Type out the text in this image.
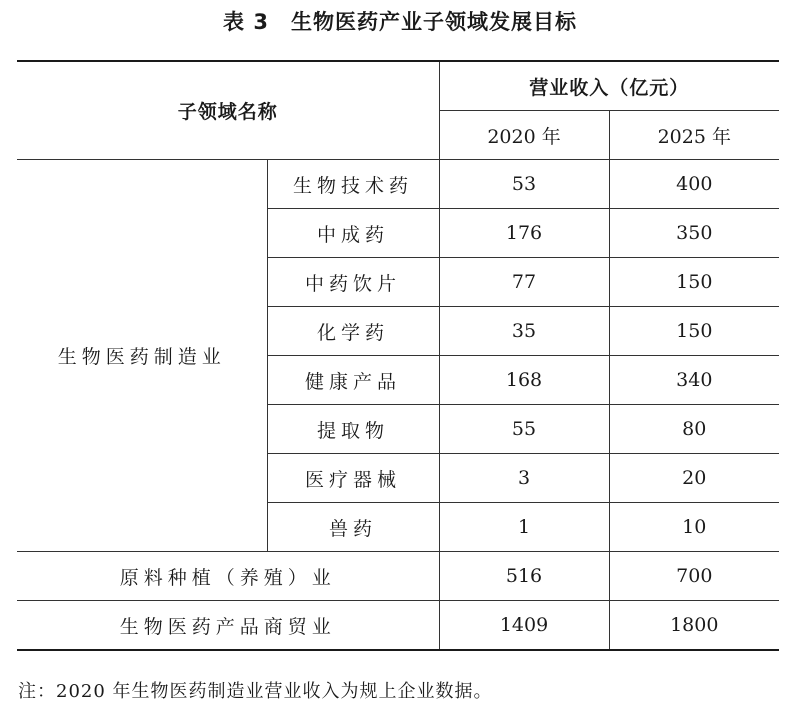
表 3　生物医药产业子领域发展目标
子领域名称		营业收入（亿元）	
		2020 年	2025 年
生物医药制造业	生物技术药	53	400
	中成药	176	350
	中药饮片	77	150
	化学药	35	150
	健康产品	168	340
	提取物	55	80
	医疗器械	3	20
	兽药	1	10
原料种植（养殖）业		516	700
生物医药产品商贸业		1409	1800
注：2020 年生物医药制造业营业收入为规上企业数据。
